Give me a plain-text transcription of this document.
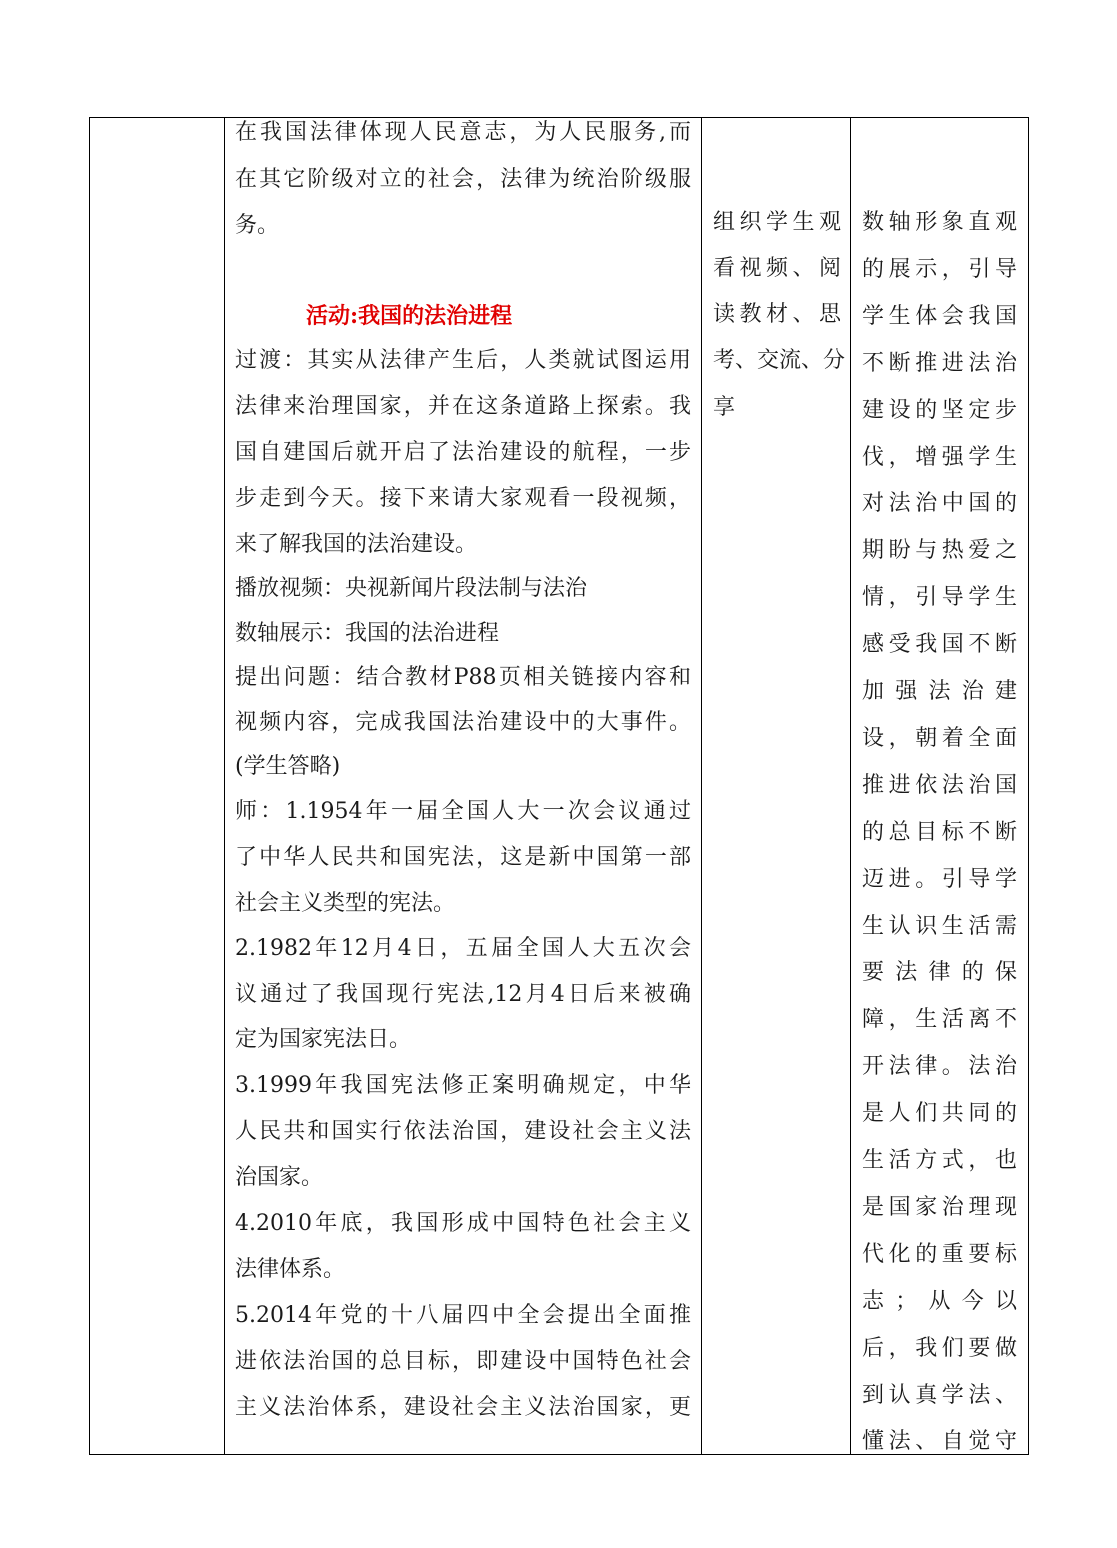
在我国法律体现人民意志，为人民服务,而
在其它阶级对立的社会，法律为统治阶级服
务。
活动:我国的法治进程
过渡：其实从法律产生后，人类就试图运用
法律来治理国家，并在这条道路上探索。我
国自建国后就开启了法治建设的航程，一步
步走到今天。接下来请大家观看一段视频，
来了解我国的法治建设。
播放视频：央视新闻片段法制与法治
数轴展示：我国的法治进程
提出问题：结合教材P88页相关链接内容和
视频内容，完成我国法治建设中的大事件。
(学生答略)
师：1.1954年一届全国人大一次会议通过
了中华人民共和国宪法，这是新中国第一部
社会主义类型的宪法。
2.1982年12月4日，五届全国人大五次会
议通过了我国现行宪法,12月4日后来被确
定为国家宪法日。
3.1999年我国宪法修正案明确规定，中华
人民共和国实行依法治国，建设社会主义法
治国家。
4.2010年底，我国形成中国特色社会主义
法律体系。
5.2014年党的十八届四中全会提出全面推
进依法治国的总目标，即建设中国特色社会
主义法治体系，建设社会主义法治国家，更

组织学生观
看视频、阅
读教材、思
考、交流、分
享

数轴形象直观
的展示，引导
学生体会我国
不断推进法治
建设的坚定步
伐，增强学生
对法治中国的
期盼与热爱之
情，引导学生
感受我国不断
加强法治建
设，朝着全面
推进依法治国
的总目标不断
迈进。引导学
生认识生活需
要法律的保
障，生活离不
开法律。法治
是人们共同的
生活方式，也
是国家治理现
代化的重要标
志；从今以
后，我们要做
到认真学法、
懂法、自觉守
